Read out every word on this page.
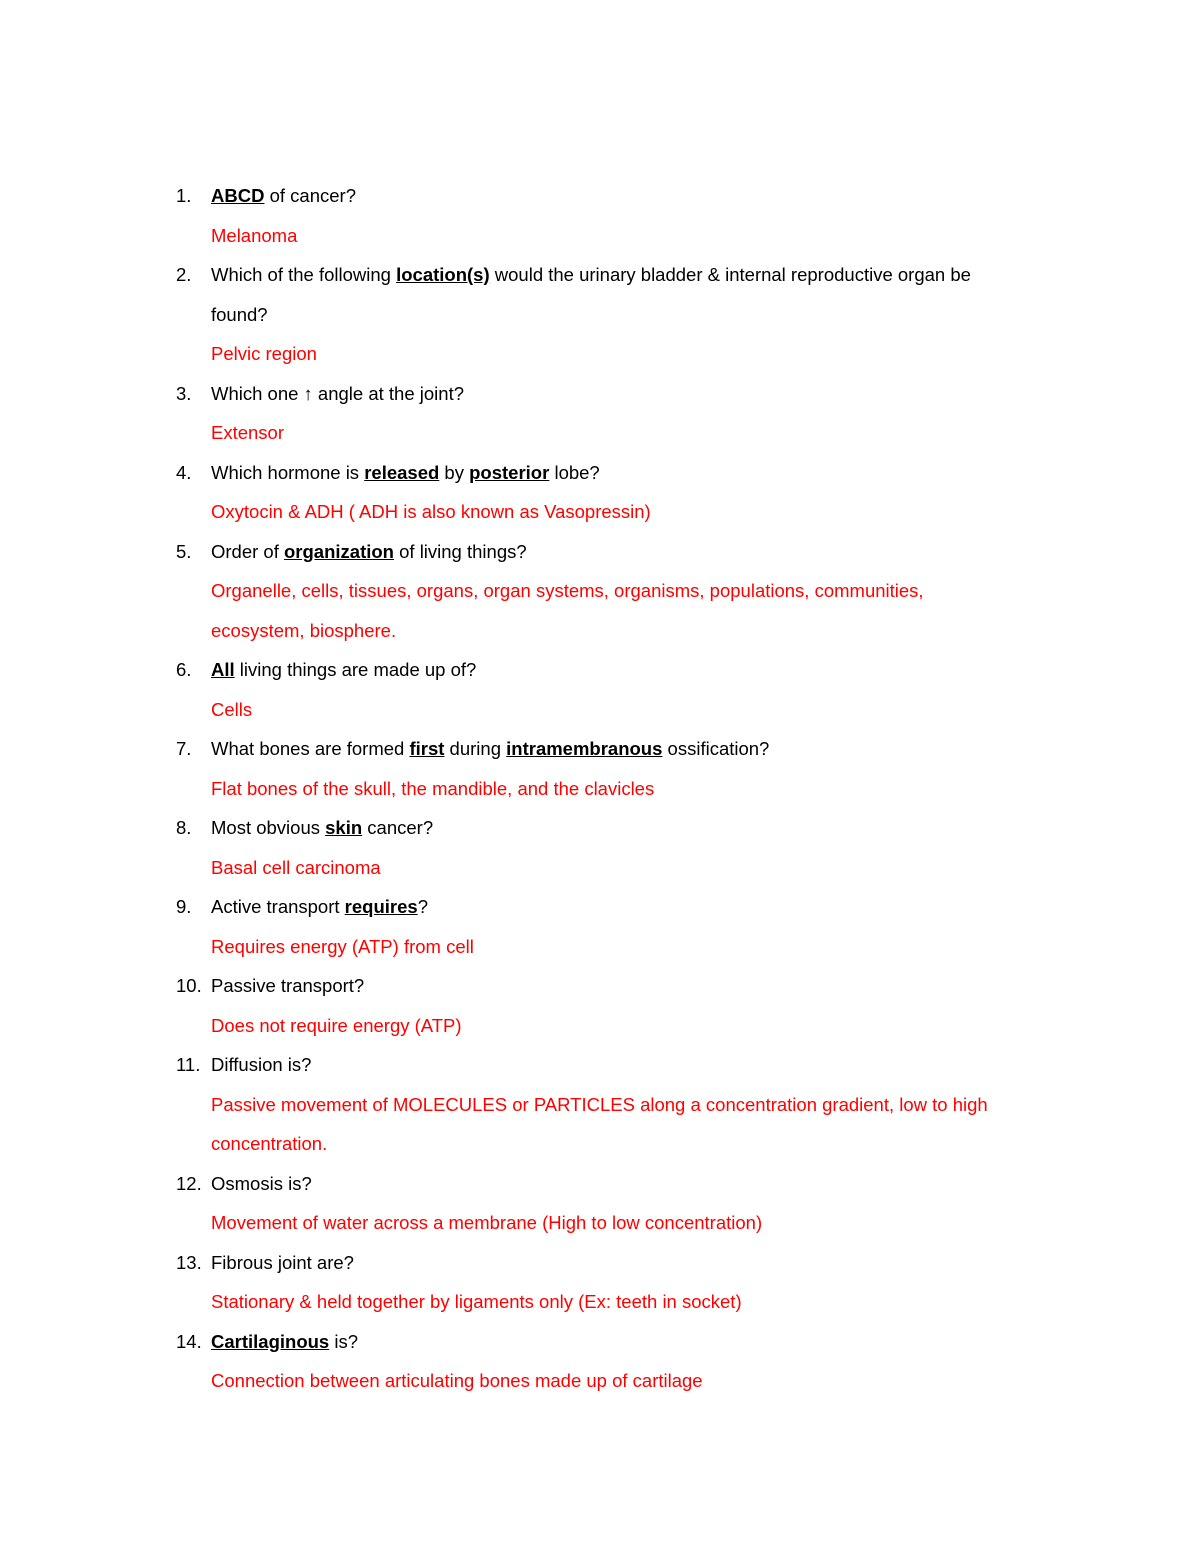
1. ABCD of cancer?
Melanoma
2. Which of the following location(s) would the urinary bladder & internal reproductive organ be
found?
Pelvic region
3. Which one ↑ angle at the joint?
Extensor
4. Which hormone is released by posterior lobe?
Oxytocin & ADH ( ADH is also known as Vasopressin)
5. Order of organization of living things?
Organelle, cells, tissues, organs, organ systems, organisms, populations, communities,
ecosystem, biosphere.
6. All living things are made up of?
Cells
7. What bones are formed first during intramembranous ossification?
Flat bones of the skull, the mandible, and the clavicles
8. Most obvious skin cancer?
Basal cell carcinoma
9. Active transport requires?
Requires energy (ATP) from cell
10. Passive transport?
Does not require energy (ATP)
11. Diffusion is?
Passive movement of MOLECULES or PARTICLES along a concentration gradient, low to high
concentration.
12. Osmosis is?
Movement of water across a membrane (High to low concentration)
13. Fibrous joint are?
Stationary & held together by ligaments only (Ex: teeth in socket)
14. Cartilaginous is?
Connection between articulating bones made up of cartilage
